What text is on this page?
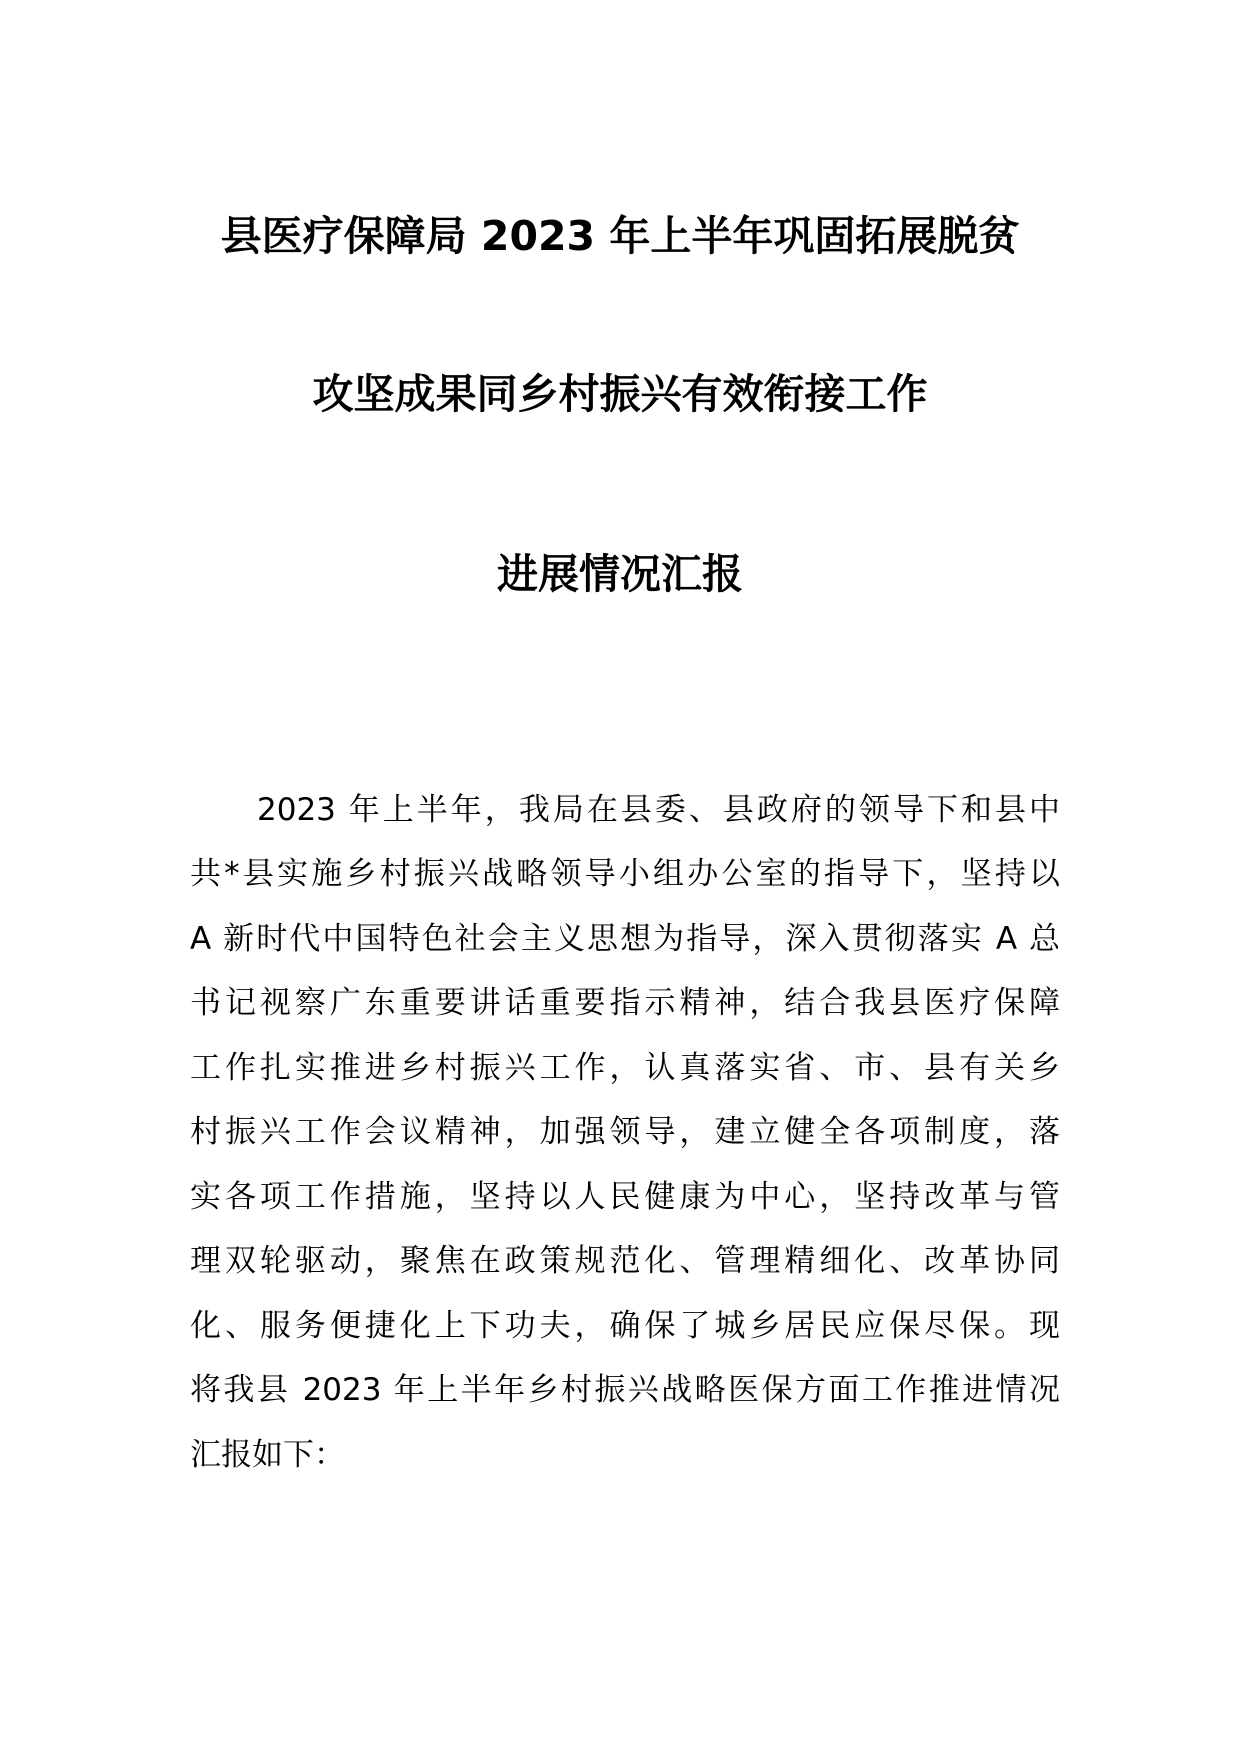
县医疗保障局 2023 年上半年巩固拓展脱贫
攻坚成果同乡村振兴有效衔接工作
进展情况汇报
2023 年上半年，我局在县委、县政府的领导下和县中
共*县实施乡村振兴战略领导小组办公室的指导下，坚持以
A 新时代中国特色社会主义思想为指导，深入贯彻落实 A 总
书记视察广东重要讲话重要指示精神，结合我县医疗保障
工作扎实推进乡村振兴工作，认真落实省、市、县有关乡
村振兴工作会议精神，加强领导，建立健全各项制度，落
实各项工作措施，坚持以人民健康为中心，坚持改革与管
理双轮驱动，聚焦在政策规范化、管理精细化、改革协同
化、服务便捷化上下功夫，确保了城乡居民应保尽保。现
将我县 2023 年上半年乡村振兴战略医保方面工作推进情况
汇报如下：
